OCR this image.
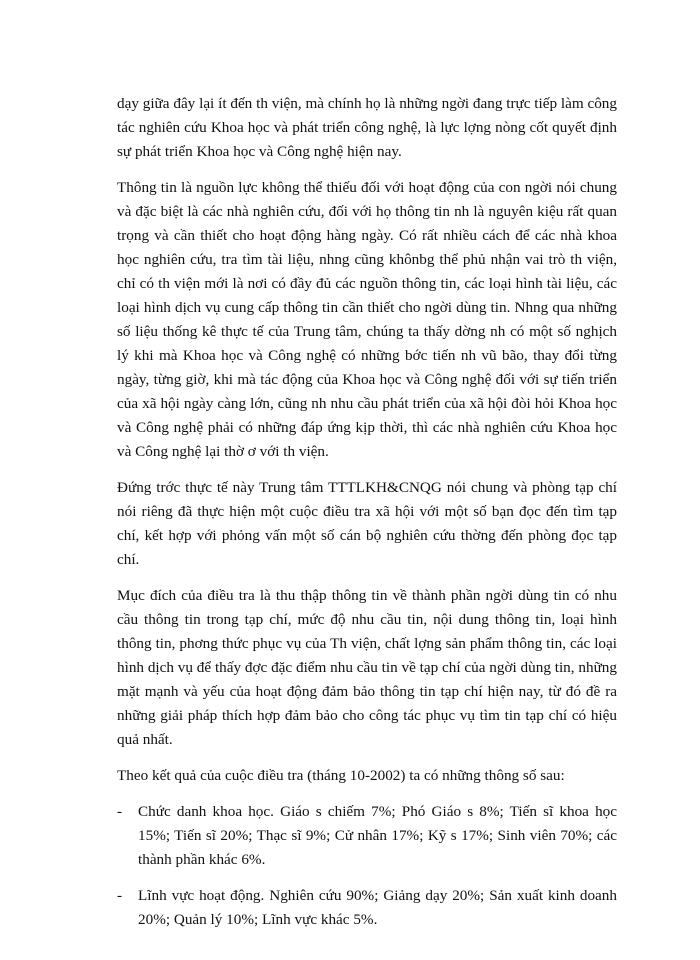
dạy giữa đây lại ít đến th viện, mà chính họ là những ngời đang trực tiếp làm công tác nghiên cứu Khoa học và phát triển công nghệ, là lực lợng nòng cốt quyết định sự phát triển Khoa học và Công nghệ hiện nay.

Thông tin là nguồn lực không thể thiếu đối với hoạt động của con ngời nói chung và đặc biệt là các nhà nghiên cứu, đối với họ thông tin nh là nguyên kiệu rất quan trọng và cần thiết cho hoạt động hàng ngày. Có rất nhiều cách để các nhà khoa học nghiên cứu, tra tìm tài liệu, nhng cũng khônbg thể phủ nhận vai trò th viện, chỉ có th viện mới là nơi có đầy đủ các nguồn thông tin, các loại hình tài liệu, các loại hình dịch vụ cung cấp thông tin cần thiết cho ngời dùng tin. Nhng qua những số liệu thống kê thực tế của Trung tâm, chúng ta thấy dờng nh có một số nghịch lý khi mà Khoa học và Công nghệ có những bớc tiến nh vũ bão, thay đổi từng ngày, từng giờ, khi mà tác động của Khoa học và Công nghệ đối với sự tiến triển của xã hội ngày càng lớn, cũng nh nhu cầu phát triển của xã hội đòi hỏi Khoa học và Công nghệ phải có những đáp ứng kịp thời, thì các nhà nghiên cứu Khoa học và Công nghệ lại thờ ơ với th viện.

Đứng trớc thực tế này Trung tâm TTTLKH&CNQG nói chung và phòng tạp chí nói riêng đã thực hiện một cuộc điều tra xã hội với một số bạn đọc đến tìm tạp chí, kết hợp với phỏng vấn một số cán bộ nghiên cứu thờng đến phòng đọc tạp chí.

Mục đích của điều tra là thu thập thông tin về thành phần ngời dùng tin có nhu cầu thông tin trong tạp chí, mức độ nhu cầu tin, nội dung thông tin, loại hình thông tin, phơng thức phục vụ của Th viện, chất lợng sản phẩm thông tin, các loại hình dịch vụ để thấy đợc đặc điểm nhu cầu tin về tạp chí của ngời dùng tin, những mặt mạnh và yếu của hoạt động đảm bảo thông tin tạp chí hiện nay, từ đó đề ra những giải pháp thích hợp đảm bảo cho công tác phục vụ tìm tin tạp chí có hiệu quả nhất.

Theo kết quả của cuộc điều tra (tháng 10-2002) ta có những thông số sau:

-	Chức danh khoa học. Giáo s chiếm 7%; Phó Giáo s 8%; Tiến sĩ khoa học 15%; Tiến sĩ 20%; Thạc sĩ 9%; Cử nhân 17%; Kỹ s 17%; Sinh viên 70%; các thành phần khác 6%.
-	Lĩnh vực hoạt động. Nghiên cứu 90%; Giảng dạy 20%; Sản xuất kinh doanh 20%; Quản lý 10%; Lĩnh vực khác 5%.
